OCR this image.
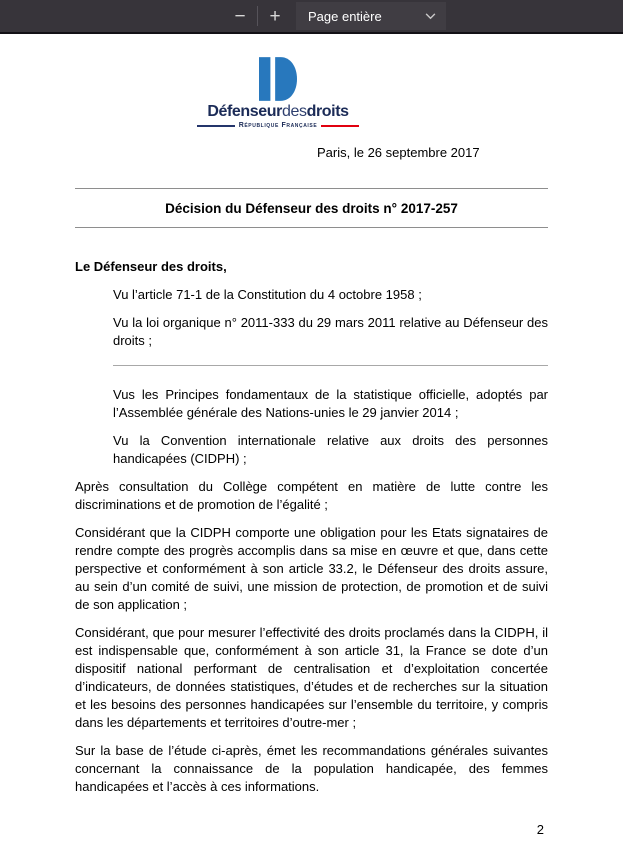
−	+	Page entière
Défenseurdesdroits
République Française
Paris, le 26 septembre 2017
Décision du Défenseur des droits n° 2017-257

Le Défenseur des droits,

Vu l’article 71-1 de la Constitution du 4 octobre 1958 ;

Vu la loi organique n° 2011-333 du 29 mars 2011 relative au Défenseur des droits ;

Vus les Principes fondamentaux de la statistique officielle, adoptés par l’Assemblée générale des Nations-unies le 29 janvier 2014 ;

Vu la Convention internationale relative aux droits des personnes handicapées (CIDPH) ;

Après consultation du Collège compétent en matière de lutte contre les discriminations et de promotion de l’égalité ;

Considérant que la CIDPH comporte une obligation pour les Etats signataires de rendre compte des progrès accomplis dans sa mise en œuvre et que, dans cette perspective et conformément à son article 33.2, le Défenseur des droits assure, au sein d’un comité de suivi, une mission de protection, de promotion et de suivi de son application ;

Considérant, que pour mesurer l’effectivité des droits proclamés dans la CIDPH, il est indispensable que, conformément à son article 31, la France se dote d’un dispositif national performant de centralisation et d’exploitation concertée d’indicateurs, de données statistiques, d’études et de recherches sur la situation et les besoins des personnes handicapées sur l’ensemble du territoire, y compris dans les départements et territoires d’outre-mer ;

Sur la base de l’étude ci-après, émet les recommandations générales suivantes concernant la connaissance de la population handicapée, des femmes handicapées et l’accès à ces informations.

2
